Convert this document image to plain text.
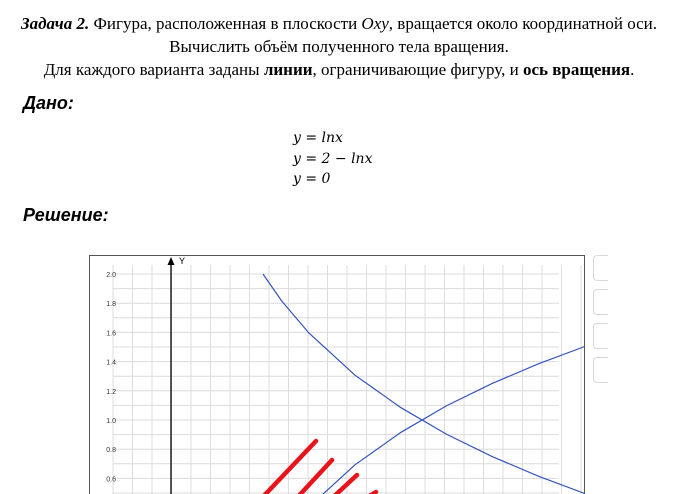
Задача 2. Фигура, расположенная в плоскости Oxy, вращается около координатной оси.
Вычислить объём полученного тела вращения.
Для каждого варианта заданы линии, ограничивающие фигуру, и ось вращения.
Дано:
y = lnx
y = 2 − lnx
y = 0
Решение:
Y
2.0
1.8
1.6
1.4
1.2
1.0
0.8
0.6
